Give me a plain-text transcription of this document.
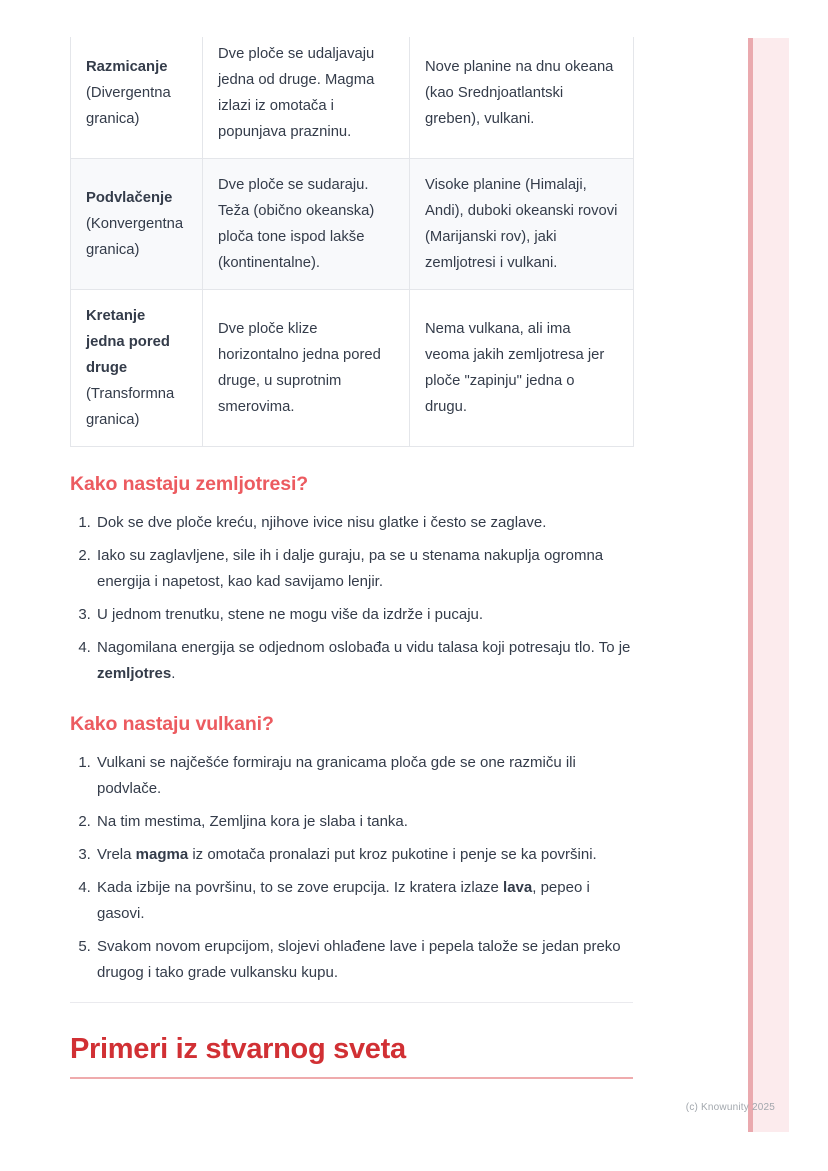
Razmicanje
(Divergentna granica)	Dve ploče se udaljavaju jedna od druge. Magma izlazi iz omotača i popunjava prazninu.	Nove planine na dnu okeana (kao Srednjoatlantski greben), vulkani.
Podvlačenje
(Konvergentna granica)	Dve ploče se sudaraju. Teža (obično okeanska) ploča tone ispod lakše (kontinentalne).	Visoke planine (Himalaji, Andi), duboki okeanski rovovi (Marijanski rov), jaki zemljotresi i vulkani.
Kretanje jedna pored druge
(Transformna granica)	Dve ploče klize horizontalno jedna pored druge, u suprotnim smerovima.	Nema vulkana, ali ima veoma jakih zemljotresa jer ploče "zapinju" jedna o drugu.
Kako nastaju zemljotresi?
1. Dok se dve ploče kreću, njihove ivice nisu glatke i često se zaglave.
2. Iako su zaglavljene, sile ih i dalje guraju, pa se u stenama nakuplja ogromna energija i napetost, kao kad savijamo lenjir.
3. U jednom trenutku, stene ne mogu više da izdrže i pucaju.
4. Nagomilana energija se odjednom oslobađa u vidu talasa koji potresaju tlo. To je zemljotres.
Kako nastaju vulkani?
1. Vulkani se najčešće formiraju na granicama ploča gde se one razmiču ili podvlače.
2. Na tim mestima, Zemljina kora je slaba i tanka.
3. Vrela magma iz omotača pronalazi put kroz pukotine i penje se ka površini.
4. Kada izbije na površinu, to se zove erupcija. Iz kratera izlaze lava, pepeo i gasovi.
5. Svakom novom erupcijom, slojevi ohlađene lave i pepela talože se jedan preko drugog i tako grade vulkansku kupu.
Primeri iz stvarnog sveta
(c) Knowunity 2025
